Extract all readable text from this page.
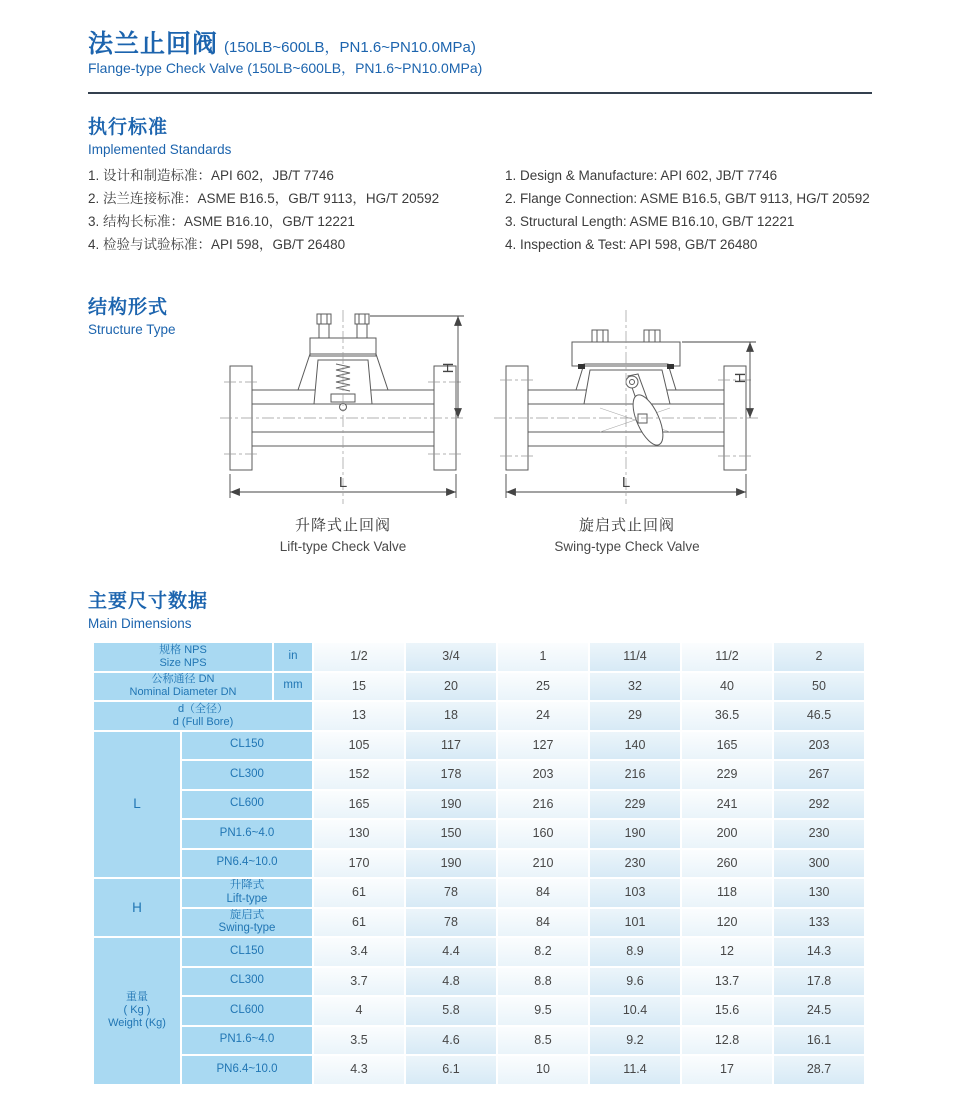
法兰止回阀 (150LB~600LB，PN1.6~PN10.0MPa)
Flange-type Check Valve (150LB~600LB，PN1.6~PN10.0MPa)
执行标准
Implemented Standards
1. 设计和制造标准：API 602，JB/T 7746
2. 法兰连接标准：ASME B16.5，GB/T 9113，HG/T 20592
3. 结构长标准：ASME B16.10，GB/T 12221
4. 检验与试验标准：API 598，GB/T 26480
1. Design & Manufacture: API 602, JB/T 7746
2. Flange Connection: ASME B16.5, GB/T 9113, HG/T 20592
3. Structural Length: ASME B16.10, GB/T 12221
4. Inspection & Test: API 598, GB/T 26480
结构形式
Structure Type
H
L
升降式止回阀
Lift-type Check Valve
H
L
旋启式止回阀
Swing-type Check Valve
主要尺寸数据
Main Dimensions
规格 NPS
Size NPS		in	1/2	3/4	1	11/4	11/2	2
公称通径 DN
Nominal Diameter DN		mm	15	20	25	32	40	50
d（全径）
d (Full Bore)			13	18	24	29	36.5	46.5
L	CL150		105	117	127	140	165	203
	CL300		152	178	203	216	229	267
	CL600		165	190	216	229	241	292
	PN1.6~4.0		130	150	160	190	200	230
	PN6.4~10.0		170	190	210	230	260	300
H	升降式
Lift-type		61	78	84	103	118	130
	旋启式
Swing-type		61	78	84	101	120	133
重量
( Kg )
Weight (Kg)	CL150		3.4	4.4	8.2	8.9	12	14.3
	CL300		3.7	4.8	8.8	9.6	13.7	17.8
	CL600		4	5.8	9.5	10.4	15.6	24.5
	PN1.6~4.0		3.5	4.6	8.5	9.2	12.8	16.1
	PN6.4~10.0		4.3	6.1	10	11.4	17	28.7
